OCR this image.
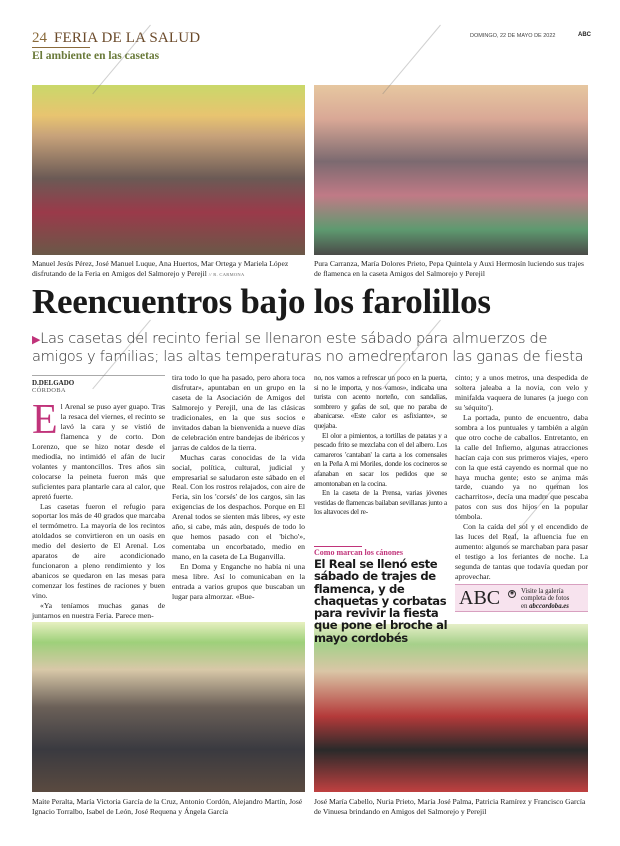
24 FERIA DE LA SALUD
El ambiente en las casetas
DOMINGO, 22 DE MAYO DE 2022	ABC
Manuel Jesús Pérez, José Manuel Luque, Ana Huertos, Mar Ortega y Mariela López disfrutando de la Feria en Amigos del Salmorejo y Perejil // R. CARMONA
Pura Carranza, María Dolores Prieto, Pepa Quintela y Auxi Hermosín luciendo sus trajes de flamenca en la caseta Amigos del Salmorejo y Perejil
Reencuentros bajo los farolillos
▶Las casetas del recinto ferial se llenaron este sábado para almuerzos de amigos y familias; las altas temperaturas no amedrentaron las ganas de fiesta
D.DELGADO
CÓRDOBA

El Arenal se puso ayer guapo. Tras la resaca del viernes, el recinto se lavó la cara y se vistió de flamenca y de corto. Don Lorenzo, que se hizo notar desde el mediodía, no intimidó el afán de lucir volantes y mantoncillos. Tres años sin colocarse la peineta fueron más que suficientes para plantarle cara al calor, que apretó fuerte.

Las casetas fueron el refugio para soportar los más de 40 grados que marcaba el termómetro. La mayoría de los recintos atoldados se convirtieron en un oasis en medio del desierto de El Arenal. Los aparatos de aire acondicionado funcionaron a pleno rendimiento y los abanicos se quedaron en las mesas para comenzar los festines de raciones y buen vino.

«Ya teníamos muchas ganas de juntarnos en nuestra Feria. Parece men-

tira todo lo que ha pasado, pero ahora toca disfrutar», apuntaban en un grupo en la caseta de la Asociación de Amigos del Salmorejo y Perejil, una de las clásicas tradicionales, en la que sus socios e invitados daban la bienvenida a nueve días de celebración entre bandejas de ibéricos y jarras de caldos de la tierra.

Muchas caras conocidas de la vida social, política, cultural, judicial y empresarial se saludaron este sábado en el Real. Con los rostros relajados, con aire de Feria, sin los 'corsés' de los cargos, sin las exigencias de los despachos. Porque en El Arenal todos se sienten más libres, «y este año, si cabe, más aún, después de todo lo que hemos pasado con el 'bicho'», comentaba un encorbatado, medio en mano, en la caseta de La Buganvilla.

En Doma y Enganche no había ni una mesa libre. Así lo comunicaban en la entrada a varios grupos que buscaban un lugar para almorzar. «Bue-

no, nos vamos a refrescar un poco en la puerta, si no le importa, y nos vamos», indicaba una turista con acento norteño, con sandalias, sombrero y gafas de sol, que no paraba de abanicarse. «Este calor es asfixiante», se quejaba.

El olor a pimientos, a tortillas de patatas y a pescado frito se mezclaba con el del albero. Los camareros 'cantaban' la carta a los comensales en la Peña A mi Moriles, donde los cocineros se afanaban en sacar los pedidos que se amontonaban en la cocina.

En la caseta de la Prensa, varias jóvenes vestidas de flamencas bailaban sevillanas junto a los altavoces del re-

cinto; y a unos metros, una despedida de soltera jaleaba a la novia, con velo y minifalda vaquera de lunares (a juego con su 'séquito').

La portada, punto de encuentro, daba sombra a los puntuales y también a algún que otro coche de caballos. Entretanto, en la calle del Infierno, algunas atracciones hacían caja con sus primeros viajes, «pero con la que está cayendo es normal que no haya mucha gente; esto se anima más tarde, cuando ya no queman los cacharritos», decía una madre que pescaba patos con sus dos hijos en la popular tómbola.

Con la caída del sol y el encendido de las luces del Real, la afluencia fue en aumento: algunos se marchaban para pasar el testigo a los feriantes de noche. La segunda de tantas que todavía quedan por aprovechar.

Como marcan los cánones
El Real se llenó este sábado de trajes de flamenca, y de chaquetas y corbatas para revivir la fiesta que pone el broche al mayo cordobés
ABC	Visite la galería
completa de fotos
en abccordoba.es
◉
Maite Peralta, María Victoria García de la Cruz, Antonio Cordón, Alejandro Martín, José Ignacio Torralbo, Isabel de León, José Requena y Ángela García
José María Cabello, Nuria Prieto, María José Palma, Patricia Ramírez y Francisco García de Vinuesa brindando en Amigos del Salmorejo y Perejil
